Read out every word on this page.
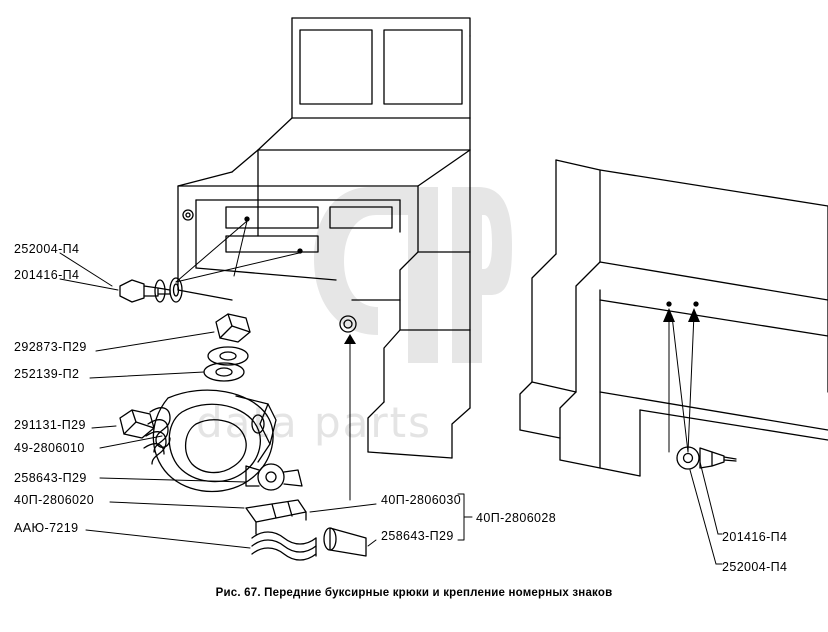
data parts
252004-П4
201416-П4
292873-П29
252139-П2
291131-П29
49-2806010
258643-П29
40П-2806020
ААЮ-7219
40П-2806030
258643-П29
40П-2806028
201416-П4
252004-П4
Рис. 67. Передние буксирные крюки и крепление номерных знаков
